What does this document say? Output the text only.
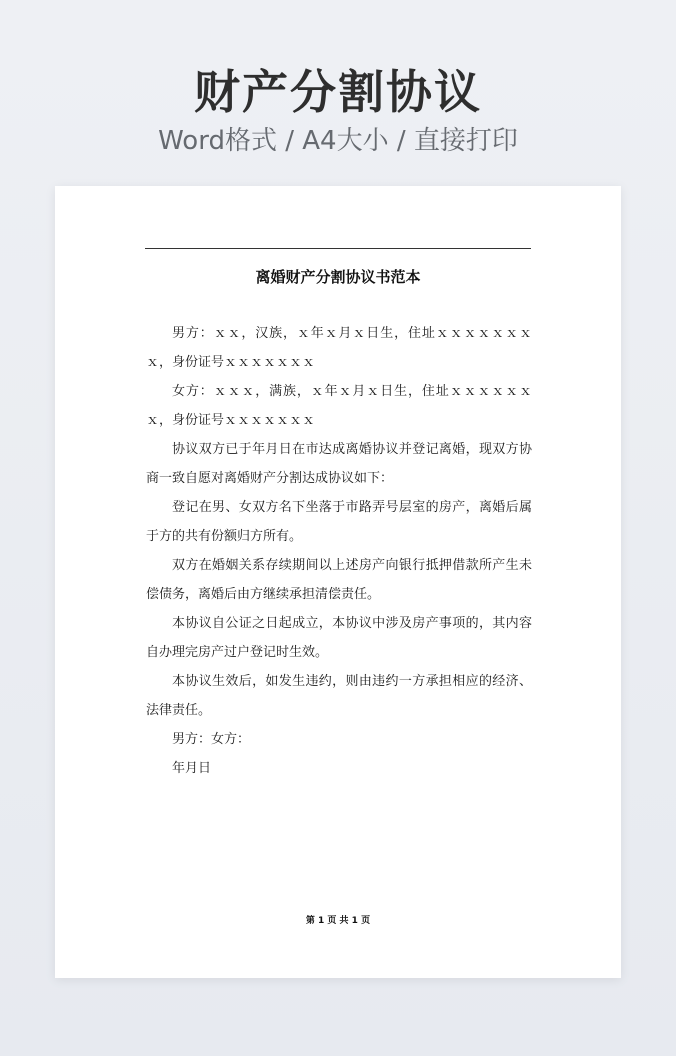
财产分割协议
Word格式 / A4大小 / 直接打印
离婚财产分割协议书范本

男方：ｘｘ，汉族，ｘ年ｘ月ｘ日生，住址ｘｘｘｘｘｘｘｘ，身份证号ｘｘｘｘｘｘｘ

女方：ｘｘｘ，满族，ｘ年ｘ月ｘ日生，住址ｘｘｘｘｘｘｘ，身份证号ｘｘｘｘｘｘｘ

协议双方已于年月日在市达成离婚协议并登记离婚，现双方协商一致自愿对离婚财产分割达成协议如下：

登记在男、女双方名下坐落于市路弄号层室的房产，离婚后属于方的共有份额归方所有。

双方在婚姻关系存续期间以上述房产向银行抵押借款所产生未偿债务，离婚后由方继续承担清偿责任。

本协议自公证之日起成立，本协议中涉及房产事项的，其内容自办理完房产过户登记时生效。

本协议生效后，如发生违约，则由违约一方承担相应的经济、法律责任。

男方：女方：

年月日

第 1 页 共 1 页
